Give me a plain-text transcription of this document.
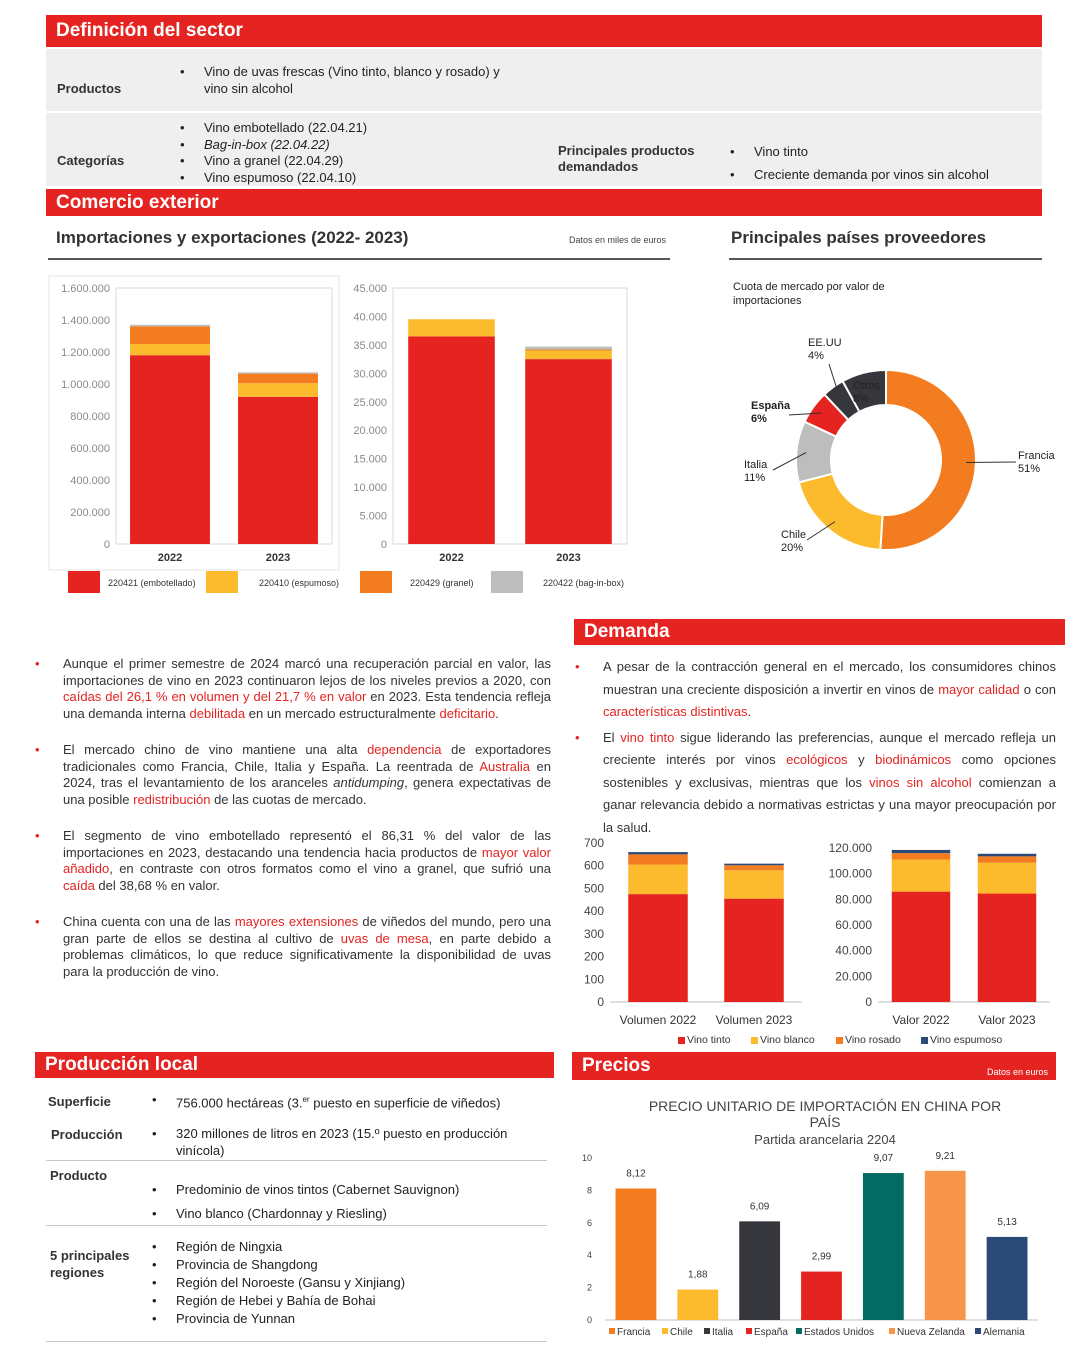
Definición del sector
Productos
• Vino de uvas frescas (Vino tinto, blanco y rosado) y
vino sin alcohol
Categorías
• Vino embotellado (22.04.21)
• Bag-in-box (22.04.22)
• Vino a granel (22.04.29)
• Vino espumoso (22.04.10)
Principales productos
demandados
• Vino tinto
• Creciente demanda por vinos sin alcohol
Comercio exterior
Importaciones y exportaciones (2022- 2023)	Datos en miles de euros	Principales países proveedores
Cuota de mercado por valor de
importaciones
0
200.000
400.000
600.000
800.000
1.000.000
1.200.000
1.400.000
1.600.000
2022	2023
0
5.000
10.000
15.000
20.000
25.000
30.000
35.000
40.000
45.000
2022	2023
220421 (embotellado)	220410 (espumoso)	220429 (granel)	220422 (bag-in-box)
Francia
51%
Chile
20%
Italia
11%
España
6%
EE.UU
4%
Otros
8%
Demanda
• Aunque el primer semestre de 2024 marcó una recuperación parcial en valor, las importaciones de vino en 2023 continuaron lejos de los niveles previos a 2020, con caídas del 26,1 % en volumen y del 21,7 % en valor en 2023. Esta tendencia refleja una demanda interna debilitada en un mercado estructuralmente deficitario.
• El mercado chino de vino mantiene una alta dependencia de exportadores tradicionales como Francia, Chile, Italia y España. La reentrada de Australia en 2024, tras el levantamiento de los aranceles antidumping, genera expectativas de una posible redistribución de las cuotas de mercado.
• El segmento de vino embotellado representó el 86,31 % del valor de las importaciones en 2023, destacando una tendencia hacia productos de mayor valor añadido, en contraste con otros formatos como el vino a granel, que sufrió una caída del 38,68 % en valor.
• China cuenta con una de las mayores extensiones de viñedos del mundo, pero una gran parte de ellos se destina al cultivo de uvas de mesa, en parte debido a problemas climáticos, lo que reduce significativamente la disponibilidad de uvas para la producción de vino.
• A pesar de la contracción general en el mercado, los consumidores chinos muestran una creciente disposición a invertir en vinos de mayor calidad o con características distintivas.
• El vino tinto sigue liderando las preferencias, aunque el mercado refleja un creciente interés por vinos ecológicos y biodinámicos como opciones sostenibles y exclusivas, mientras que los vinos sin alcohol comienzan a ganar relevancia debido a normativas estrictas y una mayor preocupación por la salud.
0
100
200
300
400
500
600
700
Volumen 2022 Volumen 2023
0
20.000
40.000
60.000
80.000
100.000
120.000
Valor 2022 Valor 2023
Vino tinto	Vino blanco	Vino rosado	Vino espumoso
Producción local
Superficie	• 756.000 hectáreas (3.$^{er}$ puesto en superficie de viñedos)
Producción	• 320 millones de litros en 2023 (15.º puesto en producción
vinícola)
Producto
• Predominio de vinos tintos (Cabernet Sauvignon)
• Vino blanco (Chardonnay y Riesling)
5 principales
regiones
• Región de Ningxia
• Provincia de Shangdong
• Región del Noroeste (Gansu y Xinjiang)
• Región de Hebei y Bahía de Bohai
• Provincia de Yunnan
Precios	Datos en euros
PRECIO UNITARIO DE IMPORTACIÓN EN CHINA POR
PAÍS
Partida arancelaria 2204
0
2
4
6
8
10
8,12
1,88
6,09
2,99
9,07	9,21
5,13
Francia Chile Italia España Estados Unidos Nueva Zelanda Alemania
